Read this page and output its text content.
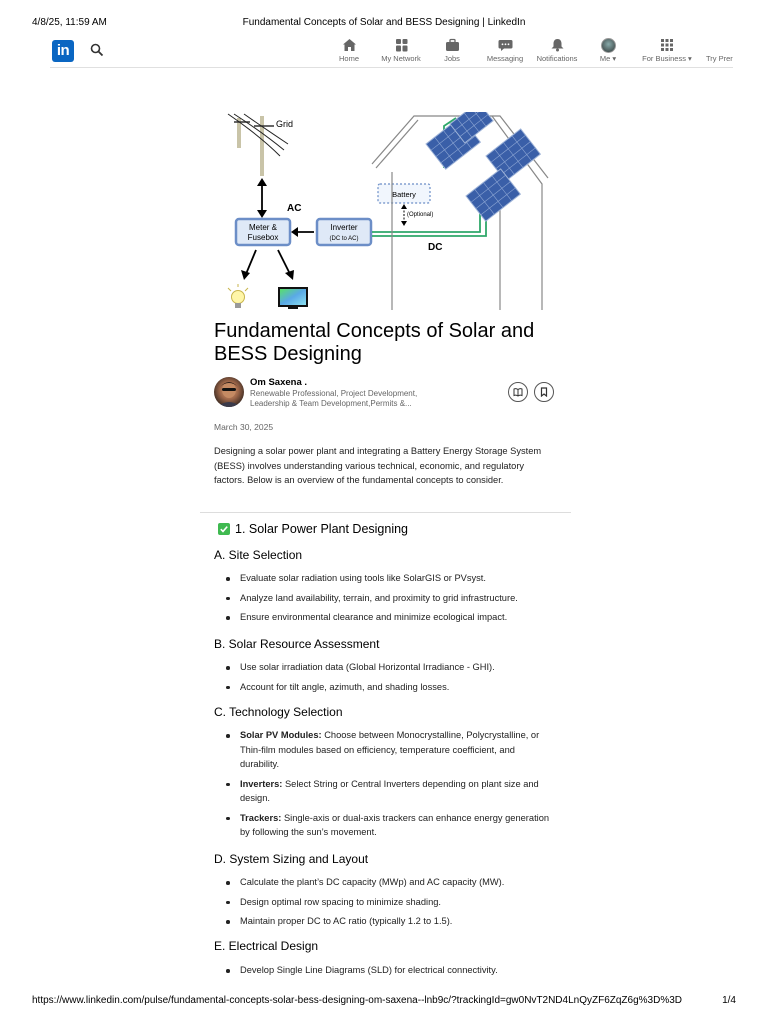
4/8/25, 11:59 AM	Fundamental Concepts of Solar and BESS Designing | LinkedIn
in	Home	My Network	Jobs	Messaging	Notifications	Me ▾	For Business ▾ Try Prer
Grid
AC
Meter &
Fusebox
Inverter
(DC to AC)
Battery
(Optional)
DC
Fundamental Concepts of Solar and BESS Designing
Om Saxena .
Renewable Professional, Project Development,
Leadership & Team Development,Permits &...
March 30, 2025

Designing a solar power plant and integrating a Battery Energy Storage System (BESS) involves understanding various technical, economic, and regulatory factors. Below is an overview of the fundamental concepts to consider.

1. Solar Power Plant Designing
A. Site Selection
Evaluate solar radiation using tools like SolarGIS or PVsyst.
Analyze land availability, terrain, and proximity to grid infrastructure.
Ensure environmental clearance and minimize ecological impact.
B. Solar Resource Assessment
Use solar irradiation data (Global Horizontal Irradiance - GHI).
Account for tilt angle, azimuth, and shading losses.
C. Technology Selection
Solar PV Modules: Choose between Monocrystalline, Polycrystalline, or Thin-film modules based on efficiency, temperature coefficient, and durability.
Inverters: Select String or Central Inverters depending on plant size and design.
Trackers: Single-axis or dual-axis trackers can enhance energy generation by following the sun’s movement.
D. System Sizing and Layout
Calculate the plant’s DC capacity (MWp) and AC capacity (MW).
Design optimal row spacing to minimize shading.
Maintain proper DC to AC ratio (typically 1.2 to 1.5).
E. Electrical Design
Develop Single Line Diagrams (SLD) for electrical connectivity.
https://www.linkedin.com/pulse/fundamental-concepts-solar-bess-designing-om-saxena--lnb9c/?trackingId=gw0NvT2ND4LnQyZF6ZqZ6g%3D%3D	1/4
